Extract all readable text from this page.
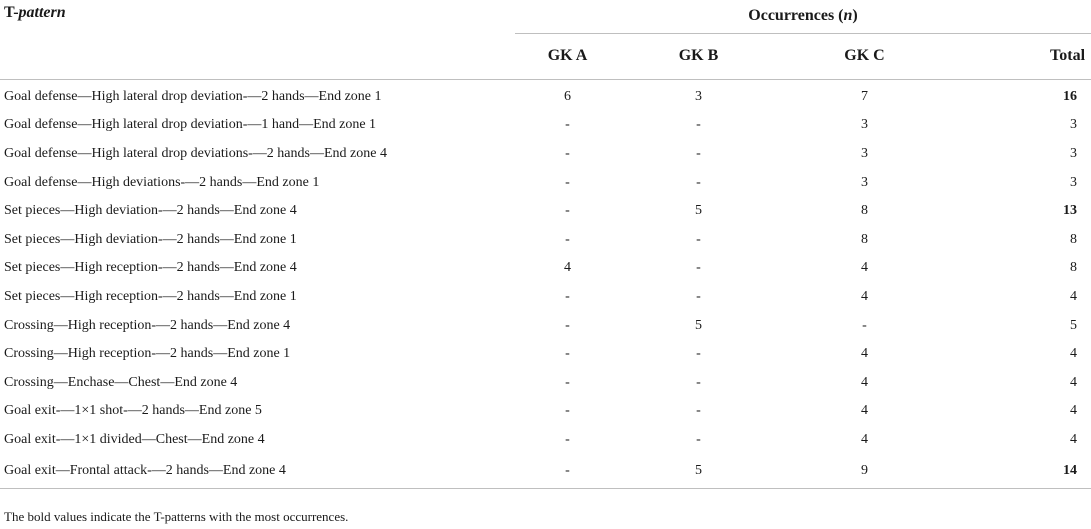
T-pattern	Occurrences (n)			
	GK A	GK B	GK C	Total
Goal defense—High lateral drop deviation-—2 hands—End zone 1	6	3	7	16
Goal defense—High lateral drop deviation-—1 hand—End zone 1	-	-	3	3
Goal defense—High lateral drop deviations-—2 hands—End zone 4	-	-	3	3
Goal defense—High deviations-—2 hands—End zone 1	-	-	3	3
Set pieces—High deviation-—2 hands—End zone 4	-	5	8	13
Set pieces—High deviation-—2 hands—End zone 1	-	-	8	8
Set pieces—High reception-—2 hands—End zone 4	4	-	4	8
Set pieces—High reception-—2 hands—End zone 1	-	-	4	4
Crossing—High reception-—2 hands—End zone 4	-	5	-	5
Crossing—High reception-—2 hands—End zone 1	-	-	4	4
Crossing—Enchase—Chest—End zone 4	-	-	4	4
Goal exit-—1×1 shot-—2 hands—End zone 5	-	-	4	4
Goal exit-—1×1 divided—Chest—End zone 4	-	-	4	4
Goal exit—Frontal attack-—2 hands—End zone 4	-	5	9	14
The bold values indicate the T-patterns with the most occurrences.
